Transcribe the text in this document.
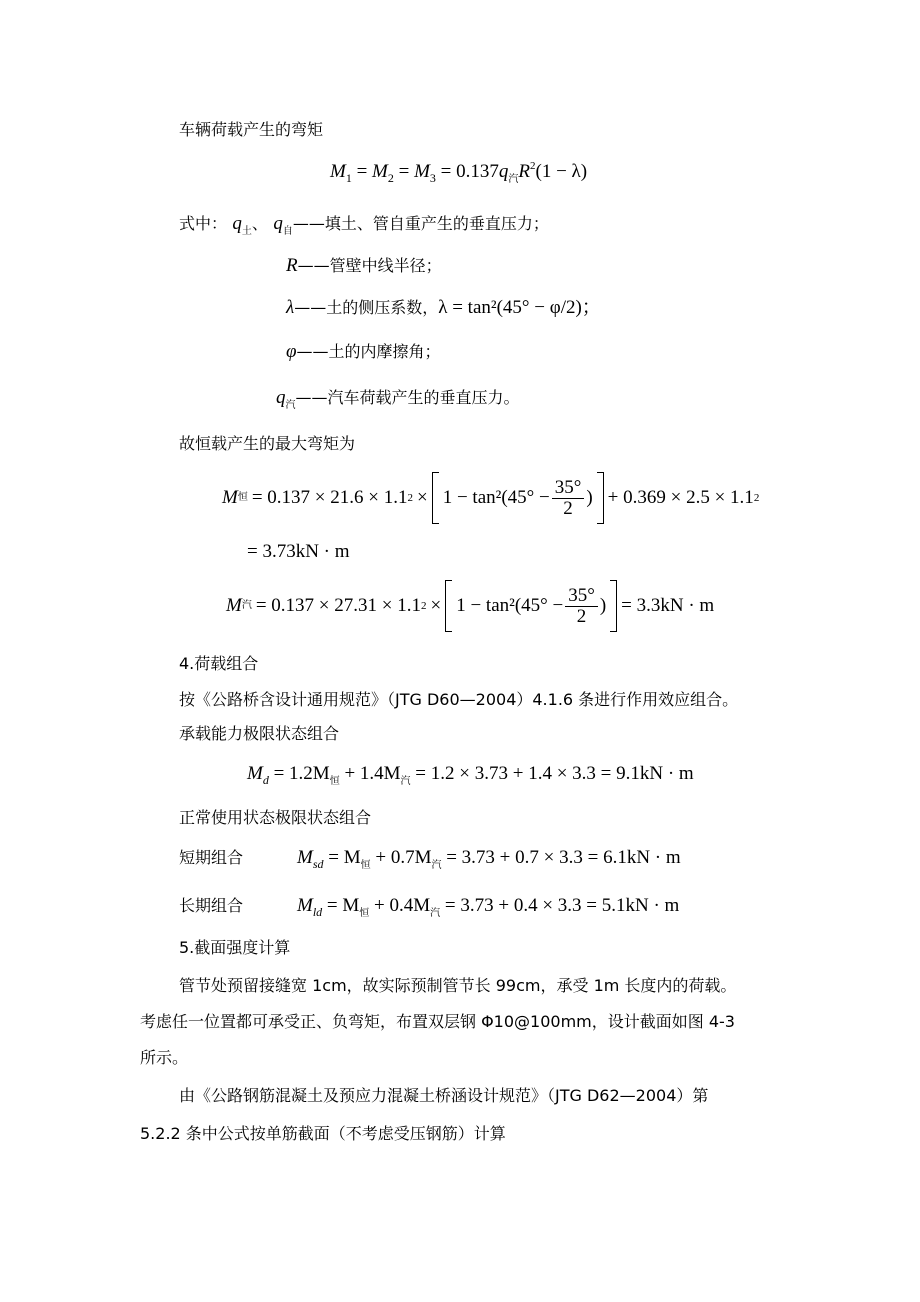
车辆荷载产生的弯矩
$M_1 = M_2 = M_3 = 0.137q_汽R^2(1 - \lambda)$
式中： $q_土$、 $q_自——$填土、管自重产生的垂直压力；
R——管壁中线半径；
λ——土的侧压系数，λ = tan²(45° − φ/2)；
φ——土的内摩擦角；
$q_汽——$汽车荷载产生的垂直压力。
故恒载产生的最大弯矩为
M 恒 = 0.137 × 21.6 × 1.1 $2 \times 1 - \tan^2(45^\circ - \frac{35^\circ}{2}$ ) + 0.369 × 2.5 × 1.1 2
= 3.73kN · m
M 汽 = 0.137 × 27.31 × 1.1 $2 \times 1 - \tan^2(45^\circ - \frac{35^\circ}{2}$ ) = 3.3kN · m
4.荷载组合
按《公路桥含设计通用规范》（JTG D60—2004）4.1.6 条进行作用效应组合。
承载能力极限状态组合
$M_d = 1.2M_恒 + 1.4M_汽 = 1.2 \times 3.73 + 1.4 \times 3.3 = 9.1kN \cdot m$
正常使用状态极限状态组合
短期组合	$M_{sd} = M_恒 + 0.7M_汽 = 3.73 + 0.7 \times 3.3 = 6.1kN \cdot m$
长期组合	$M_{ld} = M_恒 + 0.4M_汽 = 3.73 + 0.4 \times 3.3 = 5.1kN \cdot m$
5.截面强度计算
管节处预留接缝宽 1cm，故实际预制管节长 99cm，承受 1m 长度内的荷载。
考虑任一位置都可承受正、负弯矩，布置双层钢 Φ10@100mm，设计截面如图 4-3
所示。
由《公路钢筋混凝土及预应力混凝土桥涵设计规范》（JTG D62—2004）第
5.2.2 条中公式按单筋截面（不考虑受压钢筋）计算
